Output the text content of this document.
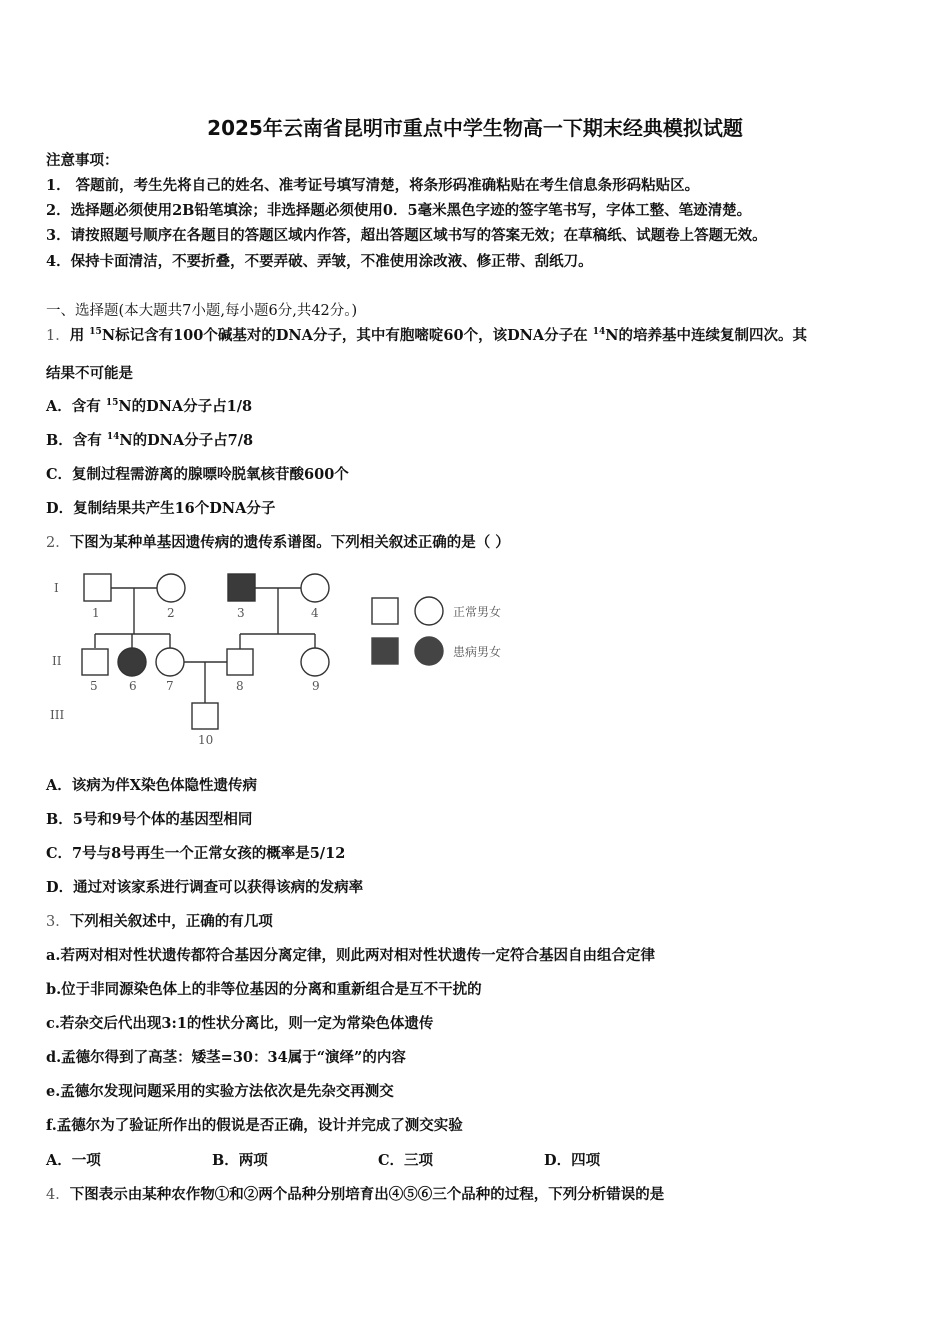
2025年云南省昆明市重点中学生物高一下期末经典模拟试题
注意事项：
1． 答题前，考生先将自己的姓名、准考证号填写清楚，将条形码准确粘贴在考生信息条形码粘贴区。
2．选择题必须使用2B铅笔填涂；非选择题必须使用0．5毫米黑色字迹的签字笔书写，字体工整、笔迹清楚。
3．请按照题号顺序在各题目的答题区域内作答，超出答题区域书写的答案无效；在草稿纸、试题卷上答题无效。
4．保持卡面清洁，不要折叠，不要弄破、弄皱，不准使用涂改液、修正带、刮纸刀。
一、选择题(本大题共7小题,每小题6分,共42分。)
1．用 $^{15}$N标记含有100个碱基对的DNA分子，其中有胞嘧啶60个，该DNA分子在 $^{14}$N的培养基中连续复制四次。其
结果不可能是
A．含有 $^{15}$N的DNA分子占1/8
B．含有 $^{14}$N的DNA分子占7/8
C．复制过程需游离的腺嘌呤脱氧核苷酸600个
D．复制结果共产生16个DNA分子
2．下图为某种单基因遗传病的遗传系谱图。下列相关叙述正确的是（ ）
I
II
III
1	2	3	4
5	6 7	8	9
10
正常男女
患病男女
A．该病为伴X染色体隐性遗传病
B．5号和9号个体的基因型相同
C．7号与8号再生一个正常女孩的概率是5/12
D．通过对该家系进行调查可以获得该病的发病率
3．下列相关叙述中，正确的有几项
a.若两对相对性状遗传都符合基因分离定律，则此两对相对性状遗传一定符合基因自由组合定律
b.位于非同源染色体上的非等位基因的分离和重新组合是互不干扰的
c.若杂交后代出现3:1的性状分离比，则一定为常染色体遗传
d.孟德尔得到了高茎：矮茎=30：34属于“演绎”的内容
e.孟德尔发现问题采用的实验方法依次是先杂交再测交
f.孟德尔为了验证所作出的假说是否正确，设计并完成了测交实验
A．一项	B．两项	C．三项	D．四项
4．下图表示由某种农作物①和②两个品种分别培育出④⑤⑥三个品种的过程，下列分析错误的是
